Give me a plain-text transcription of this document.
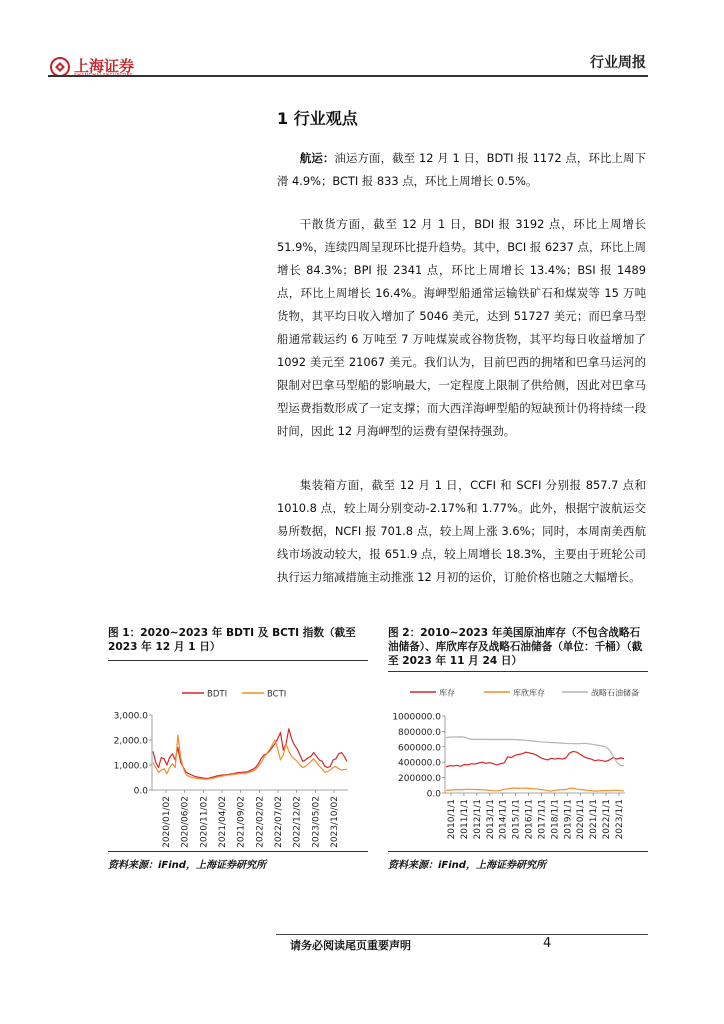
上海证券
SHANGHAI SECURITIES
行业周报
1 行业观点

航运：油运方面，截至 12 月 1 日，BDTI 报 1172 点，环比上周下滑 4.9%；BCTI 报 833 点，环比上周增长 0.5%。

干散货方面，截至 12 月 1 日，BDI 报 3192 点，环比上周增长 51.9%，连续四周呈现环比提升趋势。其中，BCI 报 6237 点，环比上周增长 84.3%；BPI 报 2341 点，环比上周增长 13.4%；BSI 报 1489 点，环比上周增长 16.4%。海岬型船通常运输铁矿石和煤炭等 15 万吨货物，其平均日收入增加了 5046 美元，达到 51727 美元；而巴拿马型船通常载运约 6 万吨至 7 万吨煤炭或谷物货物，其平均每日收益增加了 1092 美元至 21067 美元。我们认为，目前巴西的拥堵和巴拿马运河的限制对巴拿马型船的影响最大，一定程度上限制了供给侧，因此对巴拿马型运费指数形成了一定支撑；而大西洋海岬型船的短缺预计仍将持续一段时间，因此 12 月海岬型的运费有望保持强劲。

集装箱方面，截至 12 月 1 日，CCFI 和 SCFI 分别报 857.7 点和 1010.8 点，较上周分别变动-2.17%和 1.77%。此外，根据宁波航运交易所数据，NCFI 报 701.8 点，较上周上涨 3.6%；同时，本周南美西航线市场波动较大，报 651.9 点，较上周增长 18.3%，主要由于班轮公司执行运力缩减措施主动推涨 12 月初的运价，订舱价格也随之大幅增长。

图 1：2020~2023 年 BDTI 及 BCTI 指数（截至 2023 年 12 月 1 日）
BDTI	BCTI
0.0
1,000.0
2,000.0
3,000.0
2020/01/02 2020/06/02 2020/11/02 2021/04/02 2021/09/02 2022/02/02 2022/07/02 2022/12/02 2023/05/02 2023/10/02
资料来源：iFind，上海证券研究所
图 2：2010~2023 年美国原油库存（不包含战略石油储备）、库欣库存及战略石油储备（单位：千桶）（截至 2023 年 11 月 24 日）
库存	库欣库存	战略石油储备
0.0
200000.0
400000.0
600000.0
800000.0
1000000.0
2010/1/1 2011/1/1 2012/1/1 2013/1/1 2014/1/1 2015/1/1 2016/1/1 2017/1/1 2018/1/1 2019/1/1 2020/1/1 2021/1/1 2022/1/1 2023/1/1
资料来源：iFind，上海证券研究所
请务必阅读尾页重要声明	4
